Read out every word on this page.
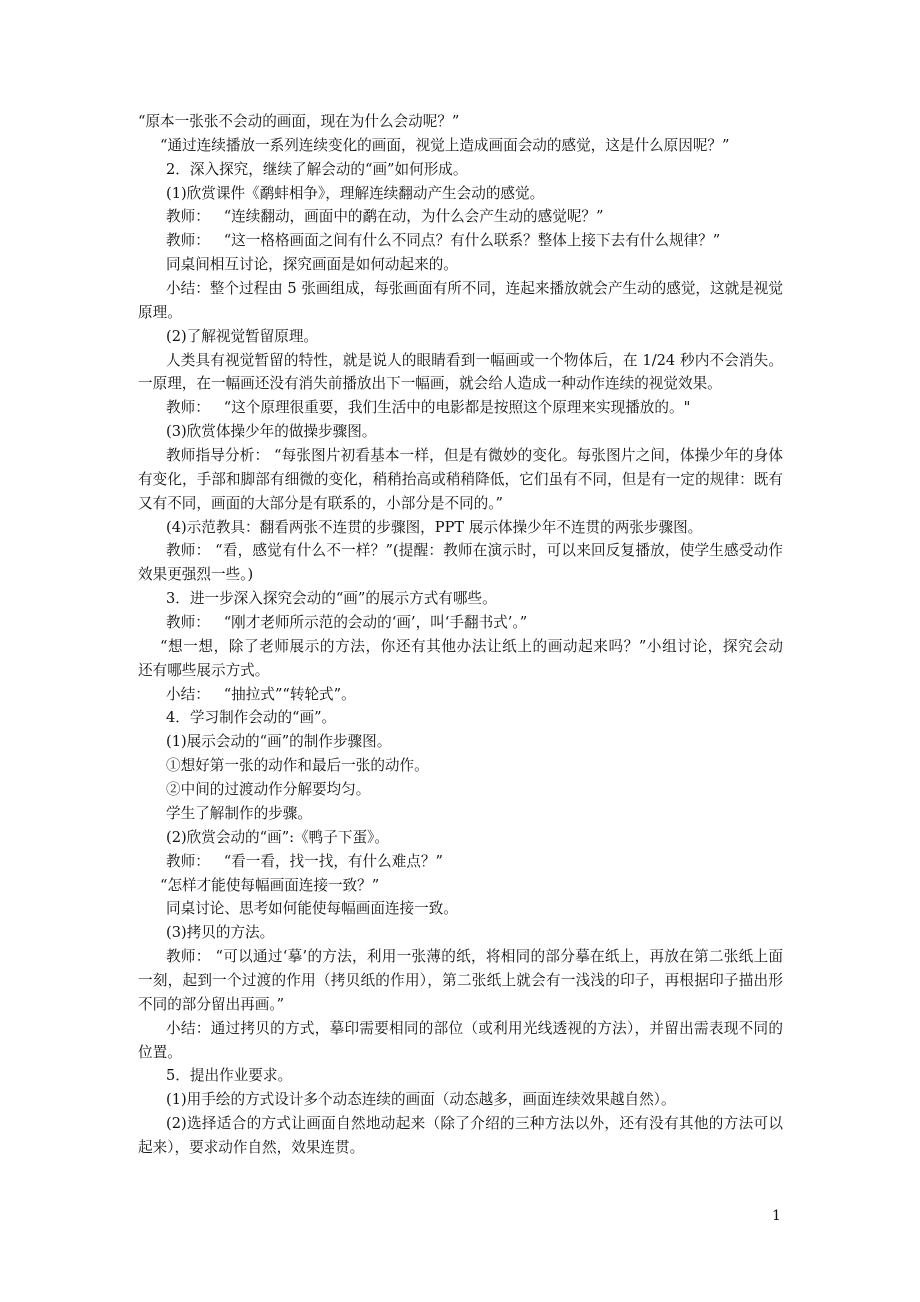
“原本一张张不会动的画面，现在为什么会动呢？”
“通过连续播放一系列连续变化的画面，视觉上造成画面会动的感觉，这是什么原因呢？”
2．深入探究，继续了解会动的“画”如何形成。
(1)欣赏课件《鹬蚌相争》，理解连续翻动产生会动的感觉。
教师：   “连续翻动，画面中的鹬在动，为什么会产生动的感觉呢？”
教师：   “这一格格画面之间有什么不同点？有什么联系？整体上接下去有什么规律？”
同桌间相互讨论，探究画面是如何动起来的。
小结：整个过程由 5 张画组成，每张画面有所不同，连起来播放就会产生动的感觉，这就是视觉
原理。
(2)了解视觉暂留原理。
人类具有视觉暂留的特性，就是说人的眼睛看到一幅画或一个物体后，在 1/24 秒内不会消失。
一原理，在一幅画还没有消失前播放出下一幅画，就会给人造成一种动作连续的视觉效果。
教师：   “这个原理很重要，我们生活中的电影都是按照这个原理来实现播放的。"
(3)欣赏体操少年的做操步骤图。
教师指导分析： “每张图片初看基本一样，但是有微妙的变化。每张图片之间，体操少年的身体
有变化，手部和脚部有细微的变化，稍稍抬高或稍稍降低，它们虽有不同，但是有一定的规律：既有
又有不同，画面的大部分是有联系的，小部分是不同的。”
(4)示范教具：翻看两张不连贯的步骤图，PPT 展示体操少年不连贯的两张步骤图。
教师： “看，感觉有什么不一样？”(提醒：教师在演示时，可以来回反复播放，使学生感受动作
效果更强烈一些。)
3．进一步深入探究会动的“画”的展示方式有哪些。
教师：   “刚才老师所示范的会动的‘画’，叫‘手翻书式’。”
“想一想，除了老师展示的方法，你还有其他办法让纸上的画动起来吗？”小组讨论，探究会动
还有哪些展示方式。
小结：   “抽拉式”“转轮式”。
4．学习制作会动的“画”。
(1)展示会动的“画”的制作步骤图。
①想好第一张的动作和最后一张的动作。
②中间的过渡动作分解要均匀。
学生了解制作的步骤。
(2)欣赏会动的“画”:《鸭子下蛋》。
教师：   “看一看，找一找，有什么难点？”
“怎样才能使每幅画面连接一致？”
同桌讨论、思考如何能使每幅画面连接一致。
(3)拷贝的方法。
教师： “可以通过‘摹’的方法，利用一张薄的纸，将相同的部分摹在纸上，再放在第二张纸上面
一刻，起到一个过渡的作用（拷贝纸的作用），第二张纸上就会有一浅浅的印子，再根据印子描出形
不同的部分留出再画。”
小结：通过拷贝的方式，摹印需要相同的部位（或利用光线透视的方法），并留出需表现不同的
位置。
5．提出作业要求。
(1)用手绘的方式设计多个动态连续的画面（动态越多，画面连续效果越自然）。
(2)选择适合的方式让画面自然地动起来（除了介绍的三种方法以外，还有没有其他的方法可以
起来），要求动作自然，效果连贯。
1
